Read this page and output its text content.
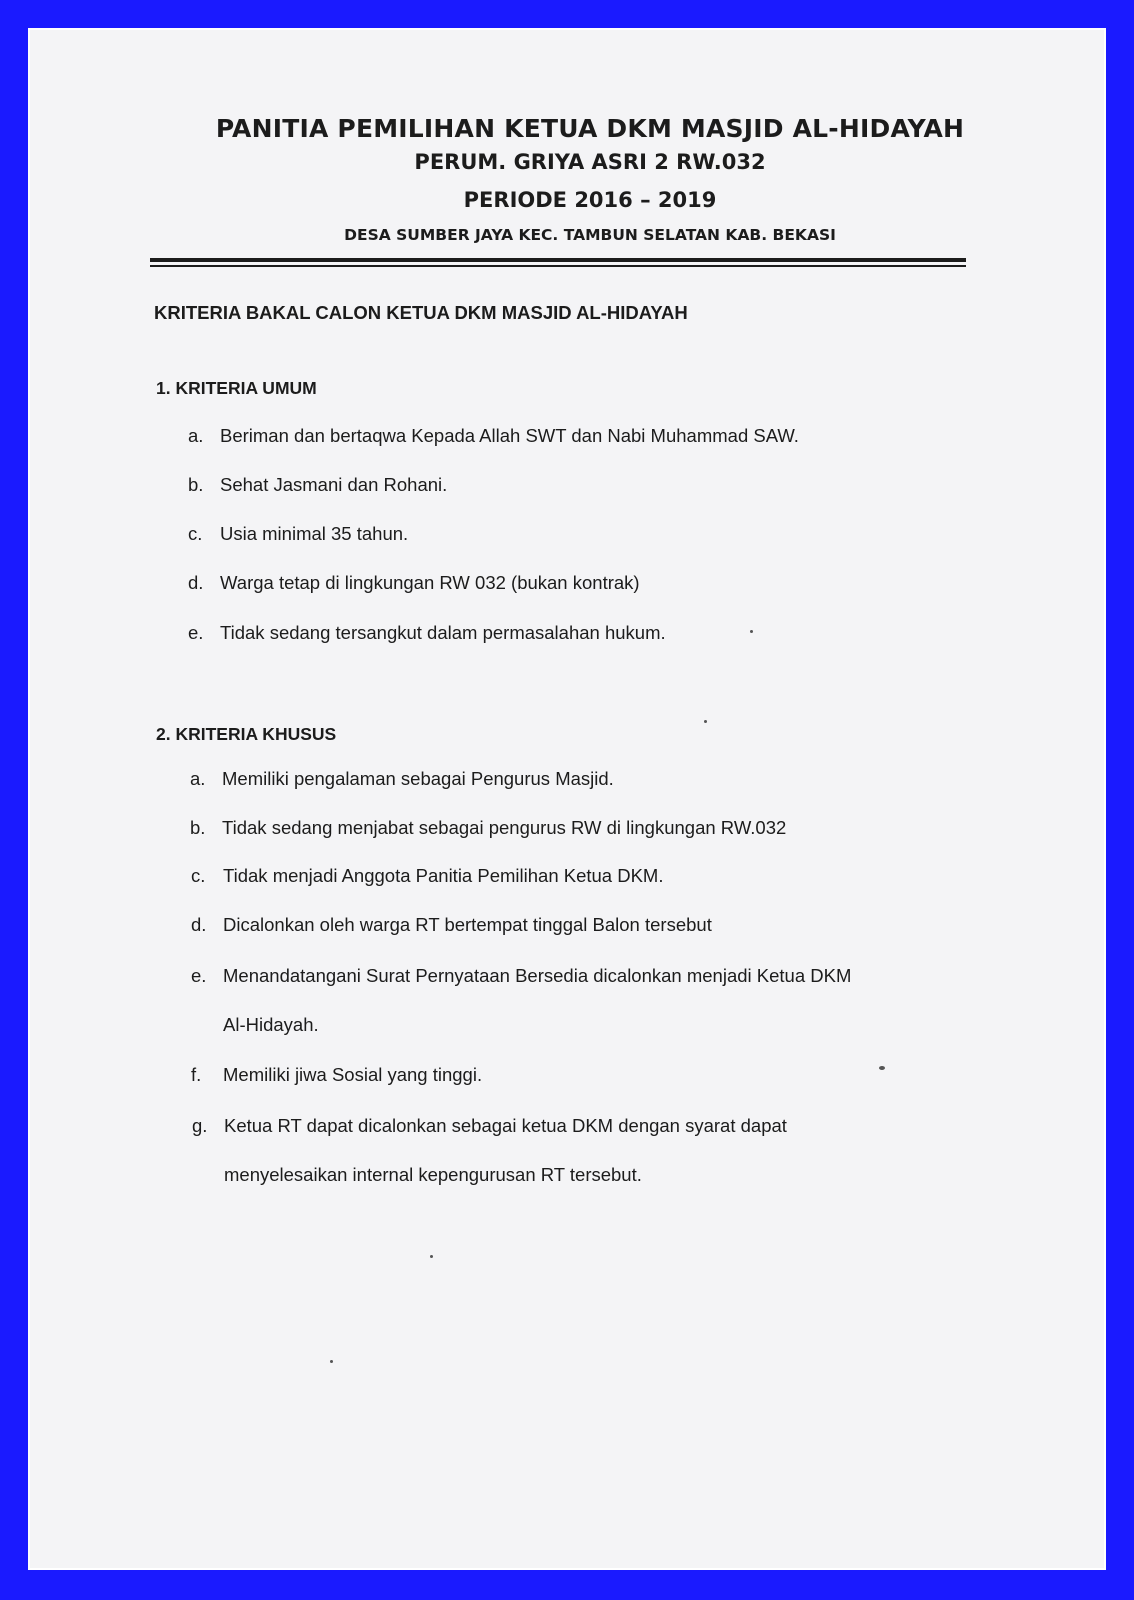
PANITIA PEMILIHAN KETUA DKM MASJID AL-HIDAYAH
PERUM. GRIYA ASRI 2 RW.032
PERIODE 2016 – 2019
DESA SUMBER JAYA KEC. TAMBUN SELATAN KAB. BEKASI
KRITERIA BAKAL CALON KETUA DKM MASJID AL-HIDAYAH
1. KRITERIA UMUM
a. Beriman dan bertaqwa Kepada Allah SWT dan Nabi Muhammad SAW.
b. Sehat Jasmani dan Rohani.
c. Usia minimal 35 tahun.
d. Warga tetap di lingkungan RW 032 (bukan kontrak)
e. Tidak sedang tersangkut dalam permasalahan hukum.
2. KRITERIA KHUSUS
a. Memiliki pengalaman sebagai Pengurus Masjid.
b. Tidak sedang menjabat sebagai pengurus RW di lingkungan RW.032
c. Tidak menjadi Anggota Panitia Pemilihan Ketua DKM.
d. Dicalonkan oleh warga RT bertempat tinggal Balon tersebut
e. Menandatangani Surat Pernyataan Bersedia dicalonkan menjadi Ketua DKM
Al-Hidayah.
f. Memiliki jiwa Sosial yang tinggi.
g. Ketua RT dapat dicalonkan sebagai ketua DKM dengan syarat dapat
menyelesaikan internal kepengurusan RT tersebut.
